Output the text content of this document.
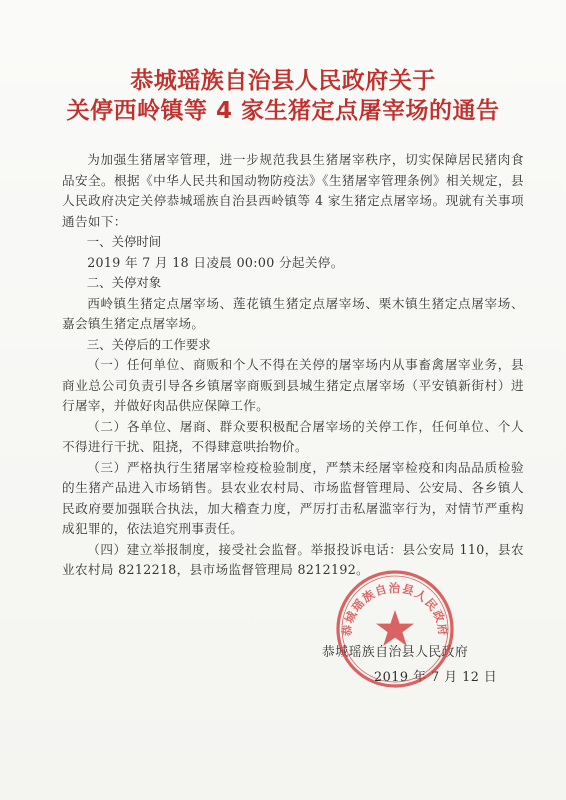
恭城瑶族自治县人民政府关于
关停西岭镇等 4 家生猪定点屠宰场的通告

为加强生猪屠宰管理，进一步规范我县生猪屠宰秩序，切实保障居民猪肉食品安全。根据《中华人民共和国动物防疫法》《生猪屠宰管理条例》相关规定，县人民政府决定关停恭城瑶族自治县西岭镇等 4 家生猪定点屠宰场。现就有关事项通告如下：

一、关停时间

2019 年 7 月 18 日凌晨 00:00 分起关停。

二、关停对象

西岭镇生猪定点屠宰场、莲花镇生猪定点屠宰场、栗木镇生猪定点屠宰场、嘉会镇生猪定点屠宰场。

三、关停后的工作要求

（一）任何单位、商贩和个人不得在关停的屠宰场内从事畜禽屠宰业务，县商业总公司负责引导各乡镇屠宰商贩到县城生猪定点屠宰场（平安镇新街村）进行屠宰，并做好肉品供应保障工作。

（二）各单位、屠商、群众要积极配合屠宰场的关停工作，任何单位、个人不得进行干扰、阻挠，不得肆意哄抬物价。

（三）严格执行生猪屠宰检疫检验制度，严禁未经屠宰检疫和肉品品质检验的生猪产品进入市场销售。县农业农村局、市场监督管理局、公安局、各乡镇人民政府要加强联合执法，加大稽查力度，严厉打击私屠滥宰行为，对情节严重构成犯罪的，依法追究刑事责任。

（四）建立举报制度，接受社会监督。举报投诉电话：县公安局 110，县农业农村局 8212218，县市场监督管理局 8212192。

恭城瑶族自治县人民政府
2019 年 7 月 12 日
恭城瑶族自治县人民政府
